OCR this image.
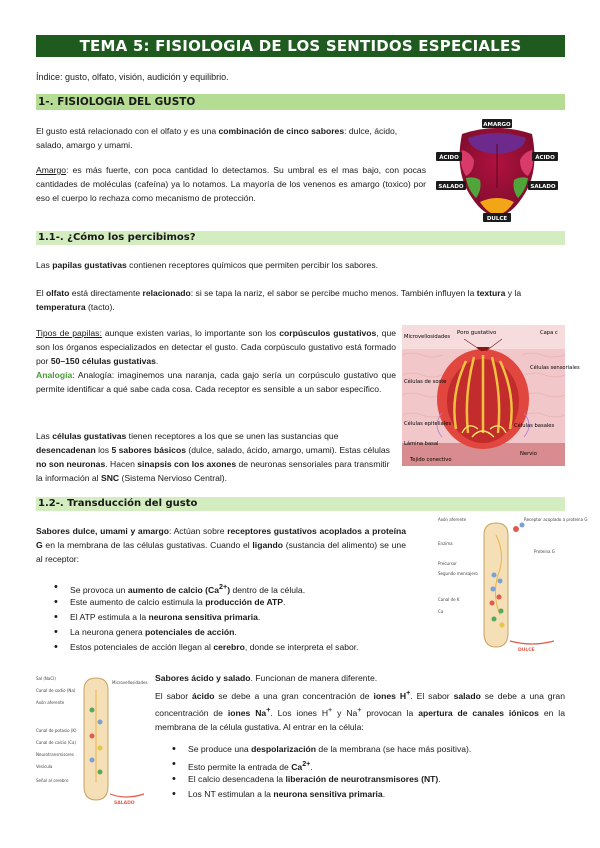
TEMA 5: FISIOLOGIA DE LOS SENTIDOS ESPECIALES
Índice: gusto, olfato, visión, audición y equilibrio.
1-. FISIOLOGIA DEL GUSTO
El gusto está relacionado con el olfato y es una combinación de cinco sabores: dulce, ácido, salado, amargo y umami.
Amargo: es más fuerte, con poca cantidad lo detectamos. Su umbral es el mas bajo, con pocas cantidades de moléculas (cafeína) ya lo notamos. La mayoría de los venenos es amargo (toxico) por eso el cuerpo lo rechaza como mecanismo de protección.
AMARGO
ÁCIDO	ÁCIDO
SALADO	SALADO
DULCE
1.1-. ¿Cómo los percibimos?
Las papilas gustativas contienen receptores químicos que permiten percibir los sabores.
El olfato está directamente relacionado: si se tapa la nariz, el sabor se percibe mucho menos. También influyen la textura y la temperatura (tacto).
Tipos de papilas: aunque existen varias, lo importante son los corpúsculos gustativos, que son los órganos especializados en detectar el gusto. Cada corpúsculo gustativo está formado por 50–150 células gustativas.
Analogía: Analogía: imaginemos una naranja, cada gajo sería un corpúsculo gustativo que permite identificar a qué sabe cada cosa. Cada receptor es sensible a un sabor específico.
Las células gustativas tienen receptores a los que se unen las sustancias que desencadenan los 5 sabores básicos (dulce, salado, ácido, amargo, umami). Estas células no son neuronas. Hacen sinapsis con los axones de neuronas sensoriales para transmitir la información al SNC (Sistema Nervioso Central).
Poro gustativo
Microvellosidades
Capa c
Células sensoriales
Células de soste
Células epiteliales	Células basales
Lámina basal
Nervio
Tejido conectivo
1.2-. Transducción del gusto
Sabores dulce, umami y amargo: Actúan sobre receptores gustativos acoplados a proteína G en la membrana de las células gustativas. Cuando el ligando (sustancia del alimento) se une al receptor:
• Se provoca un aumento de calcio $(Ca^{2+})$ dentro de la célula.
• Este aumento de calcio estimula la producción de ATP.
• El ATP estimula a la neurona sensitiva primaria.
• La neurona genera potenciales de acción.
• Estos potenciales de acción llegan al cerebro, donde se interpreta el sabor.
Axón aferente	Receptor acoplado a proteína G
Proteína G
Enzima
Precursor
Segundo mensajero
Canal de K
Ca
DULCE
Sal (NaCl)
Canal de sodio (Na)
Axón aferente
Microvellosidades
Canal de potasio (K)
Canal de calcio (Ca)
Neurotransmisores
Vesícula
Señal al cerebro
SALADO
Sabores ácido y salado. Funcionan de manera diferente.
El sabor ácido se debe a una gran concentración de iones H+. El sabor salado se debe a una gran concentración de iones Na+. Los iones H+ y Na+ provocan la apertura de canales iónicos en la membrana de la célula gustativa. Al entrar en la célula:
• Se produce una despolarización de la membrana (se hace más positiva).
• Esto permite la entrada de $Ca^{2+}$.
• El calcio desencadena la liberación de neurotransmisores (NT).
• Los NT estimulan a la neurona sensitiva primaria.
